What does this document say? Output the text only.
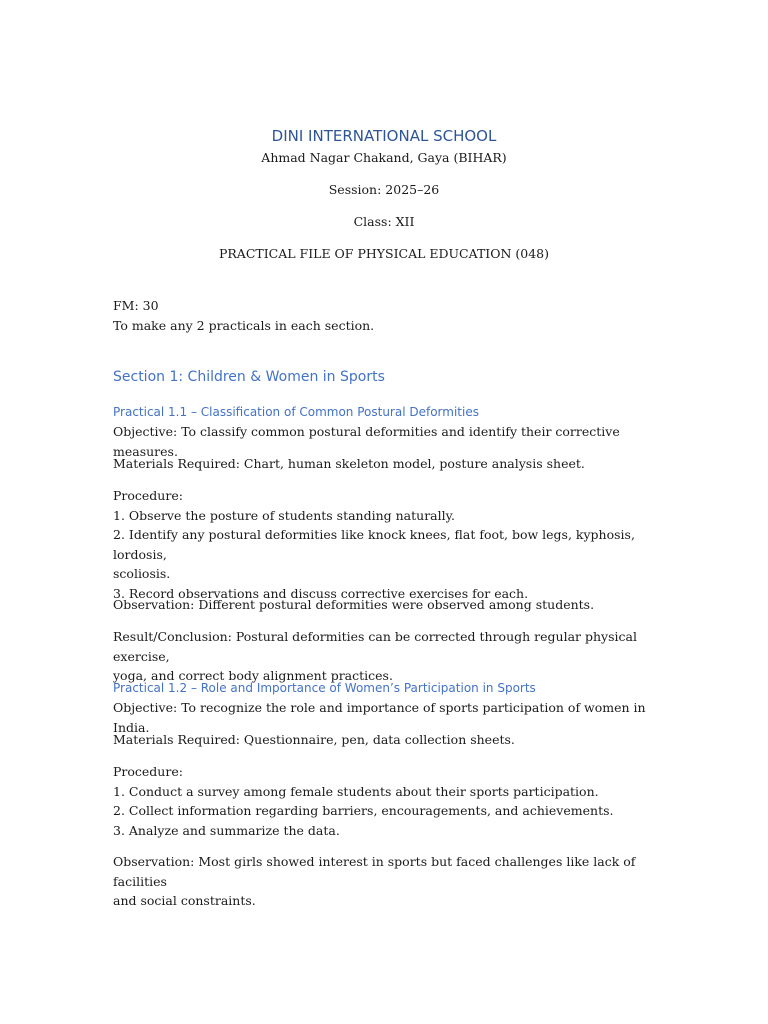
DINI INTERNATIONAL SCHOOL
Ahmad Nagar Chakand, Gaya (BIHAR)
Session: 2025–26
Class: XII
PRACTICAL FILE OF PHYSICAL EDUCATION (048)
FM: 30
To make any 2 practicals in each section.
Section 1: Children & Women in Sports
Practical 1.1 – Classification of Common Postural Deformities
Objective: To classify common postural deformities and identify their corrective measures.
Materials Required: Chart, human skeleton model, posture analysis sheet.
Procedure:
1. Observe the posture of students standing naturally.
2. Identify any postural deformities like knock knees, flat foot, bow legs, kyphosis, lordosis,
scoliosis.
3. Record observations and discuss corrective exercises for each.
Observation: Different postural deformities were observed among students.
Result/Conclusion: Postural deformities can be corrected through regular physical exercise,
yoga, and correct body alignment practices.
Practical 1.2 – Role and Importance of Women’s Participation in Sports
Objective: To recognize the role and importance of sports participation of women in India.
Materials Required: Questionnaire, pen, data collection sheets.
Procedure:
1. Conduct a survey among female students about their sports participation.
2. Collect information regarding barriers, encouragements, and achievements.
3. Analyze and summarize the data.
Observation: Most girls showed interest in sports but faced challenges like lack of facilities
and social constraints.
